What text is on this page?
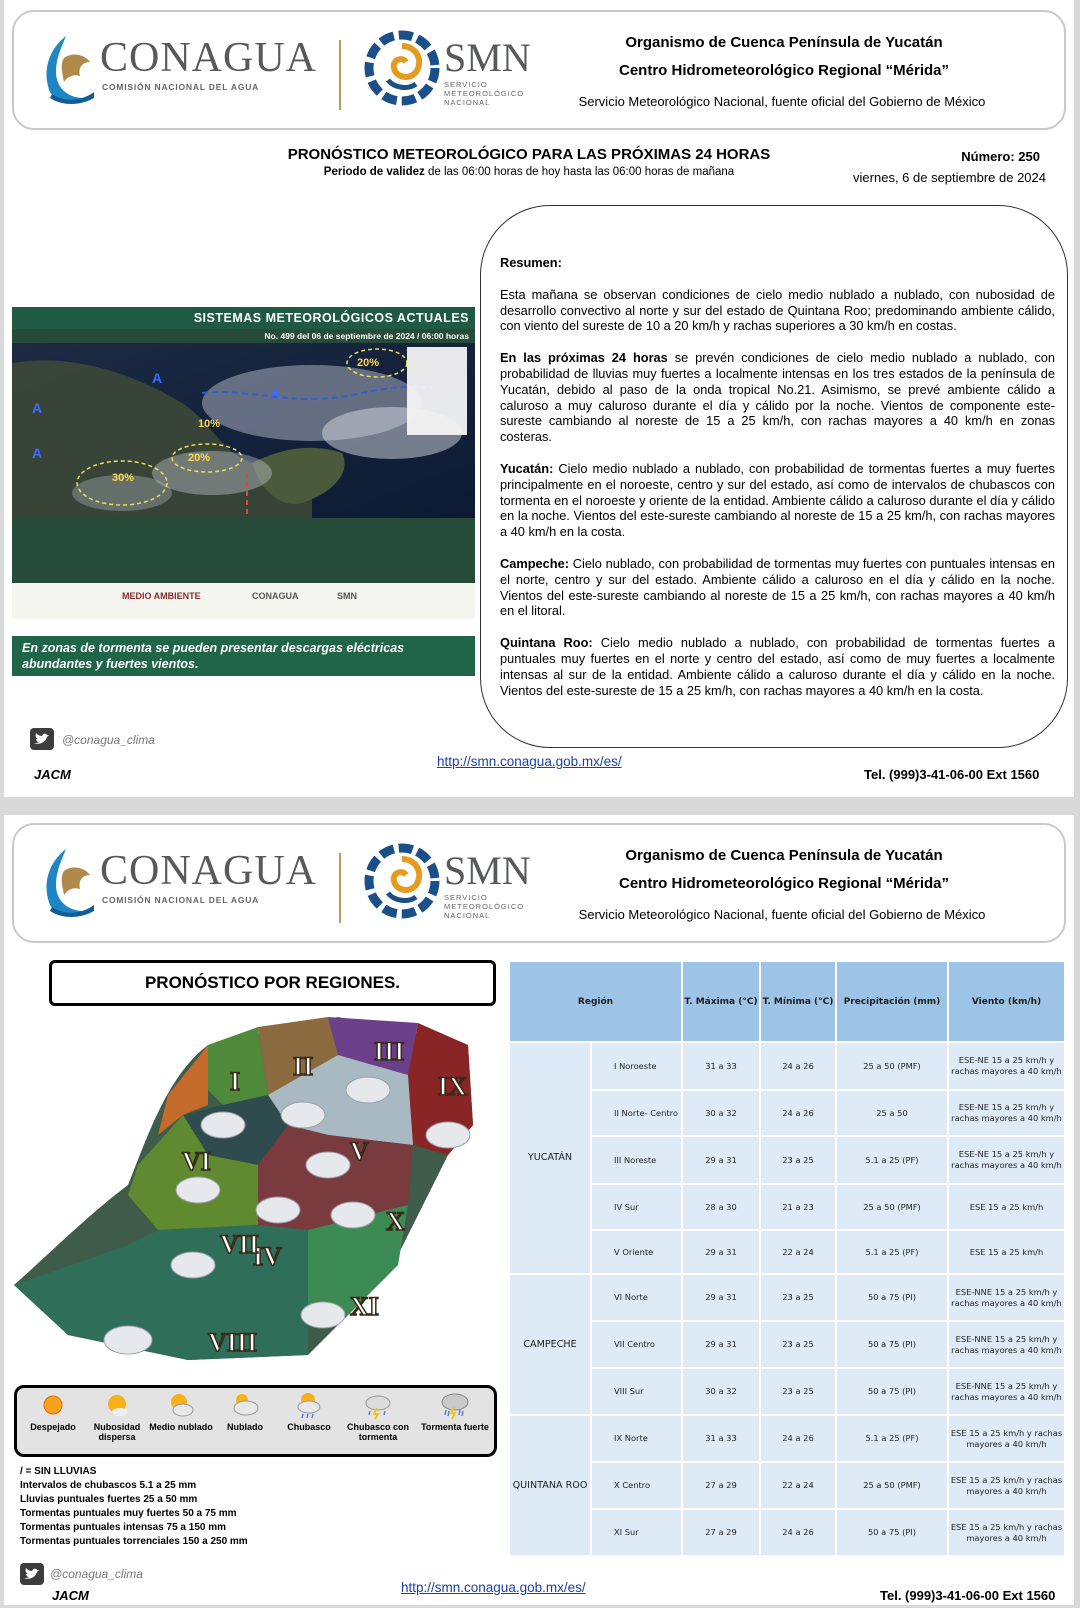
CONAGUA
COMISIÓN NACIONAL DEL AGUA
SMN
SERVICIO METEOROLÓGICO NACIONAL
Organismo de Cuenca Península de Yucatán
Centro Hidrometeorológico Regional “Mérida”
Servicio Meteorológico Nacional, fuente oficial del Gobierno de México
PRONÓSTICO METEOROLÓGICO PARA LAS PRÓXIMAS 24 HORAS
Periodo de validez de las 06:00 horas de hoy hasta las 06:00 horas de mañana
Número: 250
viernes, 6 de septiembre de 2024
SISTEMAS METEOROLÓGICOS ACTUALES
No. 499 del 06 de septiembre de 2024 / 06:00 horas
A
A
A
A
10%
20%
20%
30%
MEDIO AMBIENTE	CONAGUA	SMN
En zonas de tormenta se pueden presentar descargas eléctricas abundantes y fuertes vientos.

Resumen:

Esta mañana se observan condiciones de cielo medio nublado a nublado, con nubosidad de desarrollo convectivo al norte y sur del estado de Quintana Roo; predominando ambiente cálido, con viento del sureste de 10 a 20 km/h y rachas superiores a 30 km/h en costas.

En las próximas 24 horas se prevén condiciones de cielo medio nublado a nublado, con probabilidad de lluvias muy fuertes a localmente intensas en los tres estados de la península de Yucatán, debido al paso de la onda tropical No.21. Asimismo, se prevé ambiente cálido a caluroso a muy caluroso durante el día y cálido por la noche. Vientos de componente este-sureste cambiando al noreste de 15 a 25 km/h, con rachas mayores a 40 km/h en zonas costeras.

Yucatán: Cielo medio nublado a nublado, con probabilidad de tormentas fuertes a muy fuertes principalmente en el noroeste, centro y sur del estado, así como de intervalos de chubascos con tormenta en el noroeste y oriente de la entidad. Ambiente cálido a caluroso durante el día y cálido en la noche. Vientos del este-sureste cambiando al noreste de 15 a 25 km/h, con rachas mayores a 40 km/h en la costa.

Campeche: Cielo nublado, con probabilidad de tormentas muy fuertes con puntuales intensas en el norte, centro y sur del estado. Ambiente cálido a caluroso en el día y cálido en la noche. Vientos del este-sureste cambiando al noreste de 15 a 25 km/h, con rachas mayores a 40 km/h en el litoral.

Quintana Roo: Cielo medio nublado a nublado, con probabilidad de tormentas fuertes a puntuales muy fuertes en el norte y centro del estado, así como de muy fuertes a localmente intensas al sur de la entidad. Ambiente cálido a caluroso durante el día y cálido en la noche. Vientos del este-sureste de 15 a 25 km/h, con rachas mayores a 40 km/h en la costa.

@conagua_clima
JACM
http://smn.conagua.gob.mx/es/
Tel. (999)3-41-06-00 Ext 1560
CONAGUA
COMISIÓN NACIONAL DEL AGUA
SMN
SERVICIO METEOROLÓGICO NACIONAL
Organismo de Cuenca Península de Yucatán
Centro Hidrometeorológico Regional “Mérida”
Servicio Meteorológico Nacional, fuente oficial del Gobierno de México
PRONÓSTICO POR REGIONES.
I
II
III
IV
V
VI
VII
VIII
IX
X
XI
Despejado	Nubosidad dispersa
Medio nublado	Nublado	Chubasco	Chubasco con tormenta
Tormenta fuerte
/ = SIN LLUVIAS
Intervalos de chubascos 5.1 a 25 mm
Lluvias puntuales fuertes 25 a 50 mm
Tormentas puntuales muy fuertes 50 a 75 mm
Tormentas puntuales intensas 75 a 150 mm
Tormentas puntuales torrenciales 150 a 250 mm
Región		T. Máxima (°C)	T. Mínima (°C)	Precipitación (mm)	Viento (km/h)
YUCATÁN	I Noroeste	31 a 33	24 a 26	25 a 50 (PMF)	ESE-NE 15 a 25 km/h y rachas mayores a 40 km/h
	II Norte- Centro	30 a 32	24 a 26	25 a 50	ESE-NE 15 a 25 km/h y rachas mayores a 40 km/h
	III Noreste	29 a 31	23 a 25	5.1 a 25 (PF)	ESE-NE 15 a 25 km/h y rachas mayores a 40 km/h
	IV Sur	28 a 30	21 a 23	25 a 50 (PMF)	ESE 15 a 25 km/h
	V Oriente	29 a 31	22 a 24	5.1 a 25 (PF)	ESE 15 a 25 km/h
CAMPECHE	VI Norte	29 a 31	23 a 25	50 a 75 (PI)	ESE-NNE 15 a 25 km/h y rachas mayores a 40 km/h
	VII Centro	29 a 31	23 a 25	50 a 75 (PI)	ESE-NNE 15 a 25 km/h y rachas mayores a 40 km/h
	VIII Sur	30 a 32	23 a 25	50 a 75 (PI)	ESE-NNE 15 a 25 km/h y rachas mayores a 40 km/h
QUINTANA ROO	IX Norte	31 a 33	24 a 26	5.1 a 25 (PF)	ESE 15 a 25 km/h y rachas mayores a 40 km/h
	X Centro	27 a 29	22 a 24	25 a 50 (PMF)	ESE 15 a 25 km/h y rachas mayores a 40 km/h
	XI Sur	27 a 29	24 a 26	50 a 75 (PI)	ESE 15 a 25 km/h y rachas mayores a 40 km/h
@conagua_clima
JACM
http://smn.conagua.gob.mx/es/
Tel. (999)3-41-06-00 Ext 1560
